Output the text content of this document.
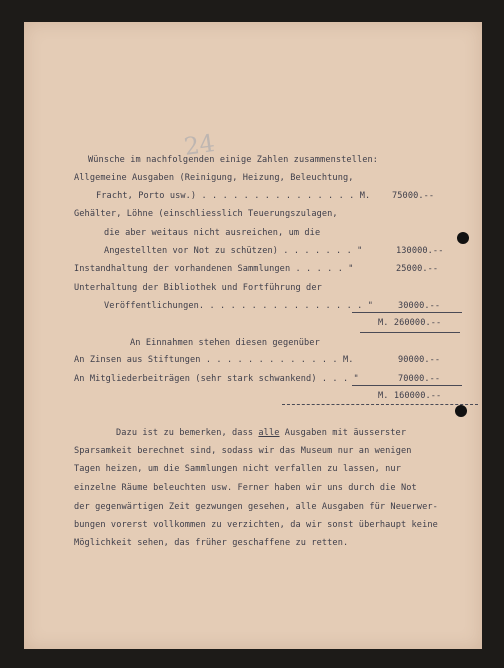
24
Wünsche im nachfolgenden einige Zahlen zusammenstellen:
Allgemeine Ausgaben (Reinigung, Heizung, Beleuchtung,
Fracht, Porto usw.) . . . . . . . . . . . . . . . M.	75000.--
Gehälter, Löhne (einschliesslich Teuerungszulagen,
die aber weitaus nicht ausreichen, um die
Angestellten vor Not zu schützen) . . . . . . . "	130000.--
Instandhaltung der vorhandenen Sammlungen . . . . . "	25000.--
Unterhaltung der Bibliothek und Fortführung der
Veröffentlichungen. . . . . . . . . . . . . . . . "	30000.--
M. 260000.--
An Einnahmen stehen diesen gegenüber
An Zinsen aus Stiftungen . . . . . . . . . . . . . M.	90000.--
An Mitgliederbeiträgen (sehr stark schwankend) . . . "	70000.--
M. 160000.--
Dazu ist zu bemerken, dass alle Ausgaben mit äusserster
Sparsamkeit berechnet sind, sodass wir das Museum nur an wenigen
Tagen heizen, um die Sammlungen nicht verfallen zu lassen, nur
einzelne Räume beleuchten usw. Ferner haben wir uns durch die Not
der gegenwärtigen Zeit gezwungen gesehen, alle Ausgaben für Neuerwer-
bungen vorerst vollkommen zu verzichten, da wir sonst überhaupt keine
Möglichkeit sehen, das früher geschaffene zu retten.
